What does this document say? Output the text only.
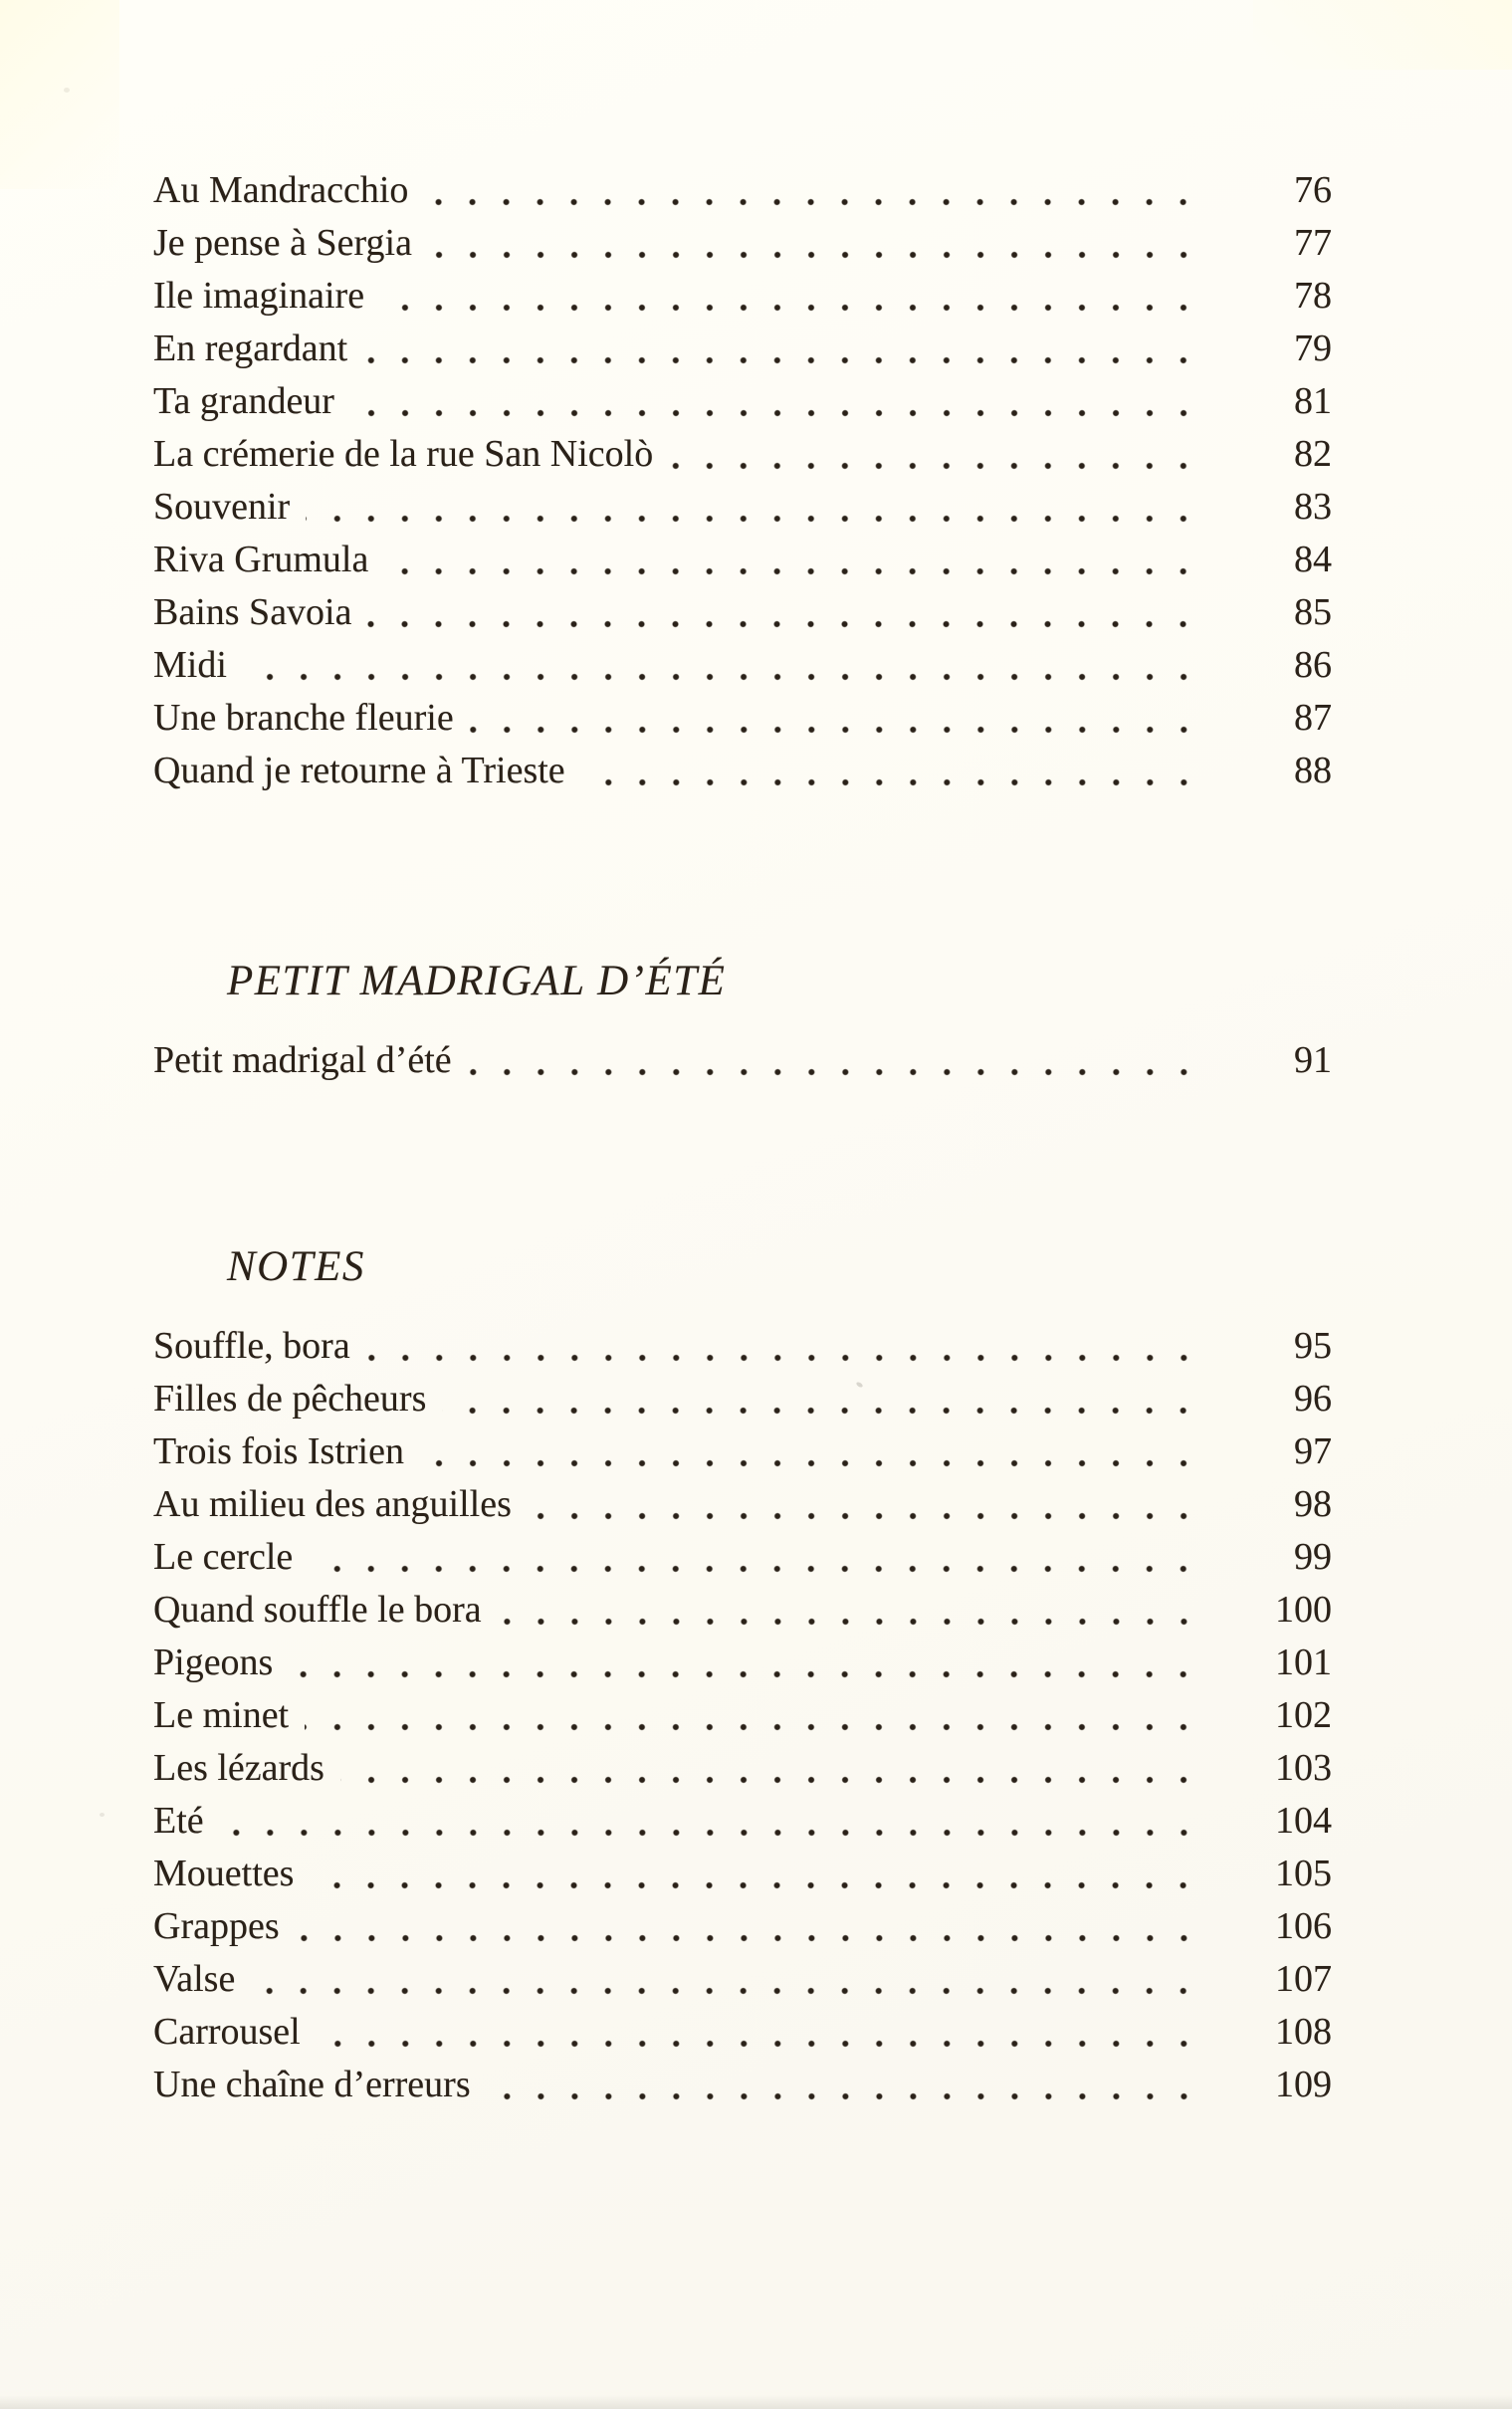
Au Mandracchio	76
Je pense à Sergia	77
Ile imaginaire	78
En regardant	79
Ta grandeur	81
La crémerie de la rue San Nicolò	82
Souvenir	83
Riva Grumula	84
Bains Savoia	85
Midi	86
Une branche fleurie	87
Quand je retourne à Trieste	88
PETIT MADRIGAL D’ÉTÉ
Petit madrigal d’été	91
NOTES
Souffle, bora	95
Filles de pêcheurs	96
Trois fois Istrien	97
Au milieu des anguilles	98
Le cercle	99
Quand souffle le bora	100
Pigeons	101
Le minet	102
Les lézards	103
Eté	104
Mouettes	105
Grappes	106
Valse	107
Carrousel	108
Une chaîne d’erreurs	109
